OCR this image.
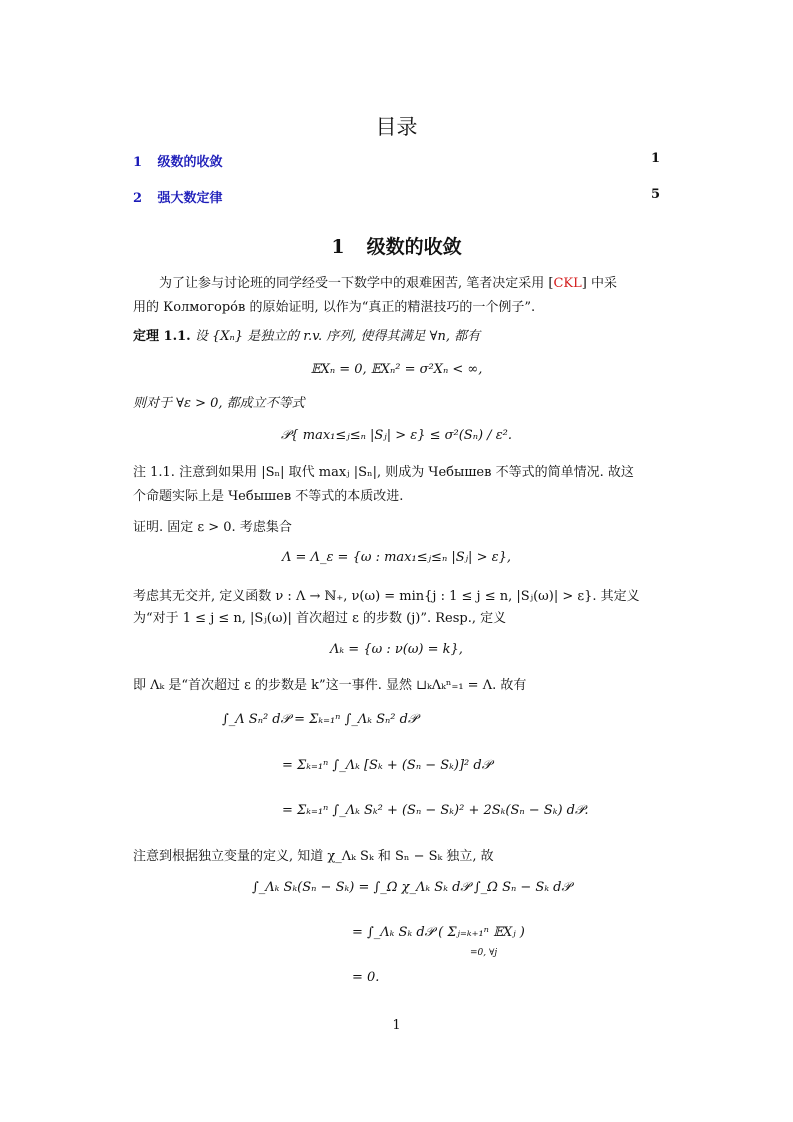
目录
1 级数的收敛	1
2 强大数定律	5
1 级数的收敛
为了让参与讨论班的同学经受一下数学中的艰难困苦, 笔者决定采用 [CKL] 中采
用的 Колмогоро́в 的原始证明, 以作为“真正的精湛技巧的一个例子”.
定理 1.1. 设 {Xₙ} 是独立的 r.v. 序列, 使得其满足 ∀n, 都有
𝔼Xₙ = 0, 𝔼Xₙ² = σ²Xₙ < ∞,
则对于 ∀ε > 0, 都成立不等式
𝒫{ max₁≤ⱼ≤ₙ |Sⱼ| > ε} ≤ σ²(Sₙ) / ε².
注 1.1. 注意到如果用 |Sₙ| 取代 maxⱼ |Sₙ|, 则成为 Чебышев 不等式的简单情况. 故这
个命题实际上是 Чебышев 不等式的本质改进.
证明. 固定 ε > 0. 考虑集合
Λ = Λ_ε = {ω : max₁≤ⱼ≤ₙ |Sⱼ| > ε},
考虑其无交并, 定义函数 ν : Λ → ℕ₊, ν(ω) = min{j : 1 ≤ j ≤ n, |Sⱼ(ω)| > ε}. 其定义
为“对于 1 ≤ j ≤ n, |Sⱼ(ω)| 首次超过 ε 的步数 (j)”. Resp., 定义
Λₖ = {ω : ν(ω) = k},
即 Λₖ 是“首次超过 ε 的步数是 k”这一事件. 显然 ⊔ₖΛₖⁿ₌₁ = Λ. 故有
∫_Λ Sₙ² d𝒫 = Σₖ₌₁ⁿ ∫_Λₖ Sₙ² d𝒫
= Σₖ₌₁ⁿ ∫_Λₖ [Sₖ + (Sₙ − Sₖ)]² d𝒫
= Σₖ₌₁ⁿ ∫_Λₖ Sₖ² + (Sₙ − Sₖ)² + 2Sₖ(Sₙ − Sₖ) d𝒫.
注意到根据独立变量的定义, 知道 χ_Λₖ Sₖ 和 Sₙ − Sₖ 独立, 故
∫_Λₖ Sₖ(Sₙ − Sₖ) = ∫_Ω χ_Λₖ Sₖ d𝒫 ∫_Ω Sₙ − Sₖ d𝒫
= ∫_Λₖ Sₖ d𝒫 ( Σⱼ₌ₖ₊₁ⁿ 𝔼Xⱼ )
=0, ∀j
= 0.
1
